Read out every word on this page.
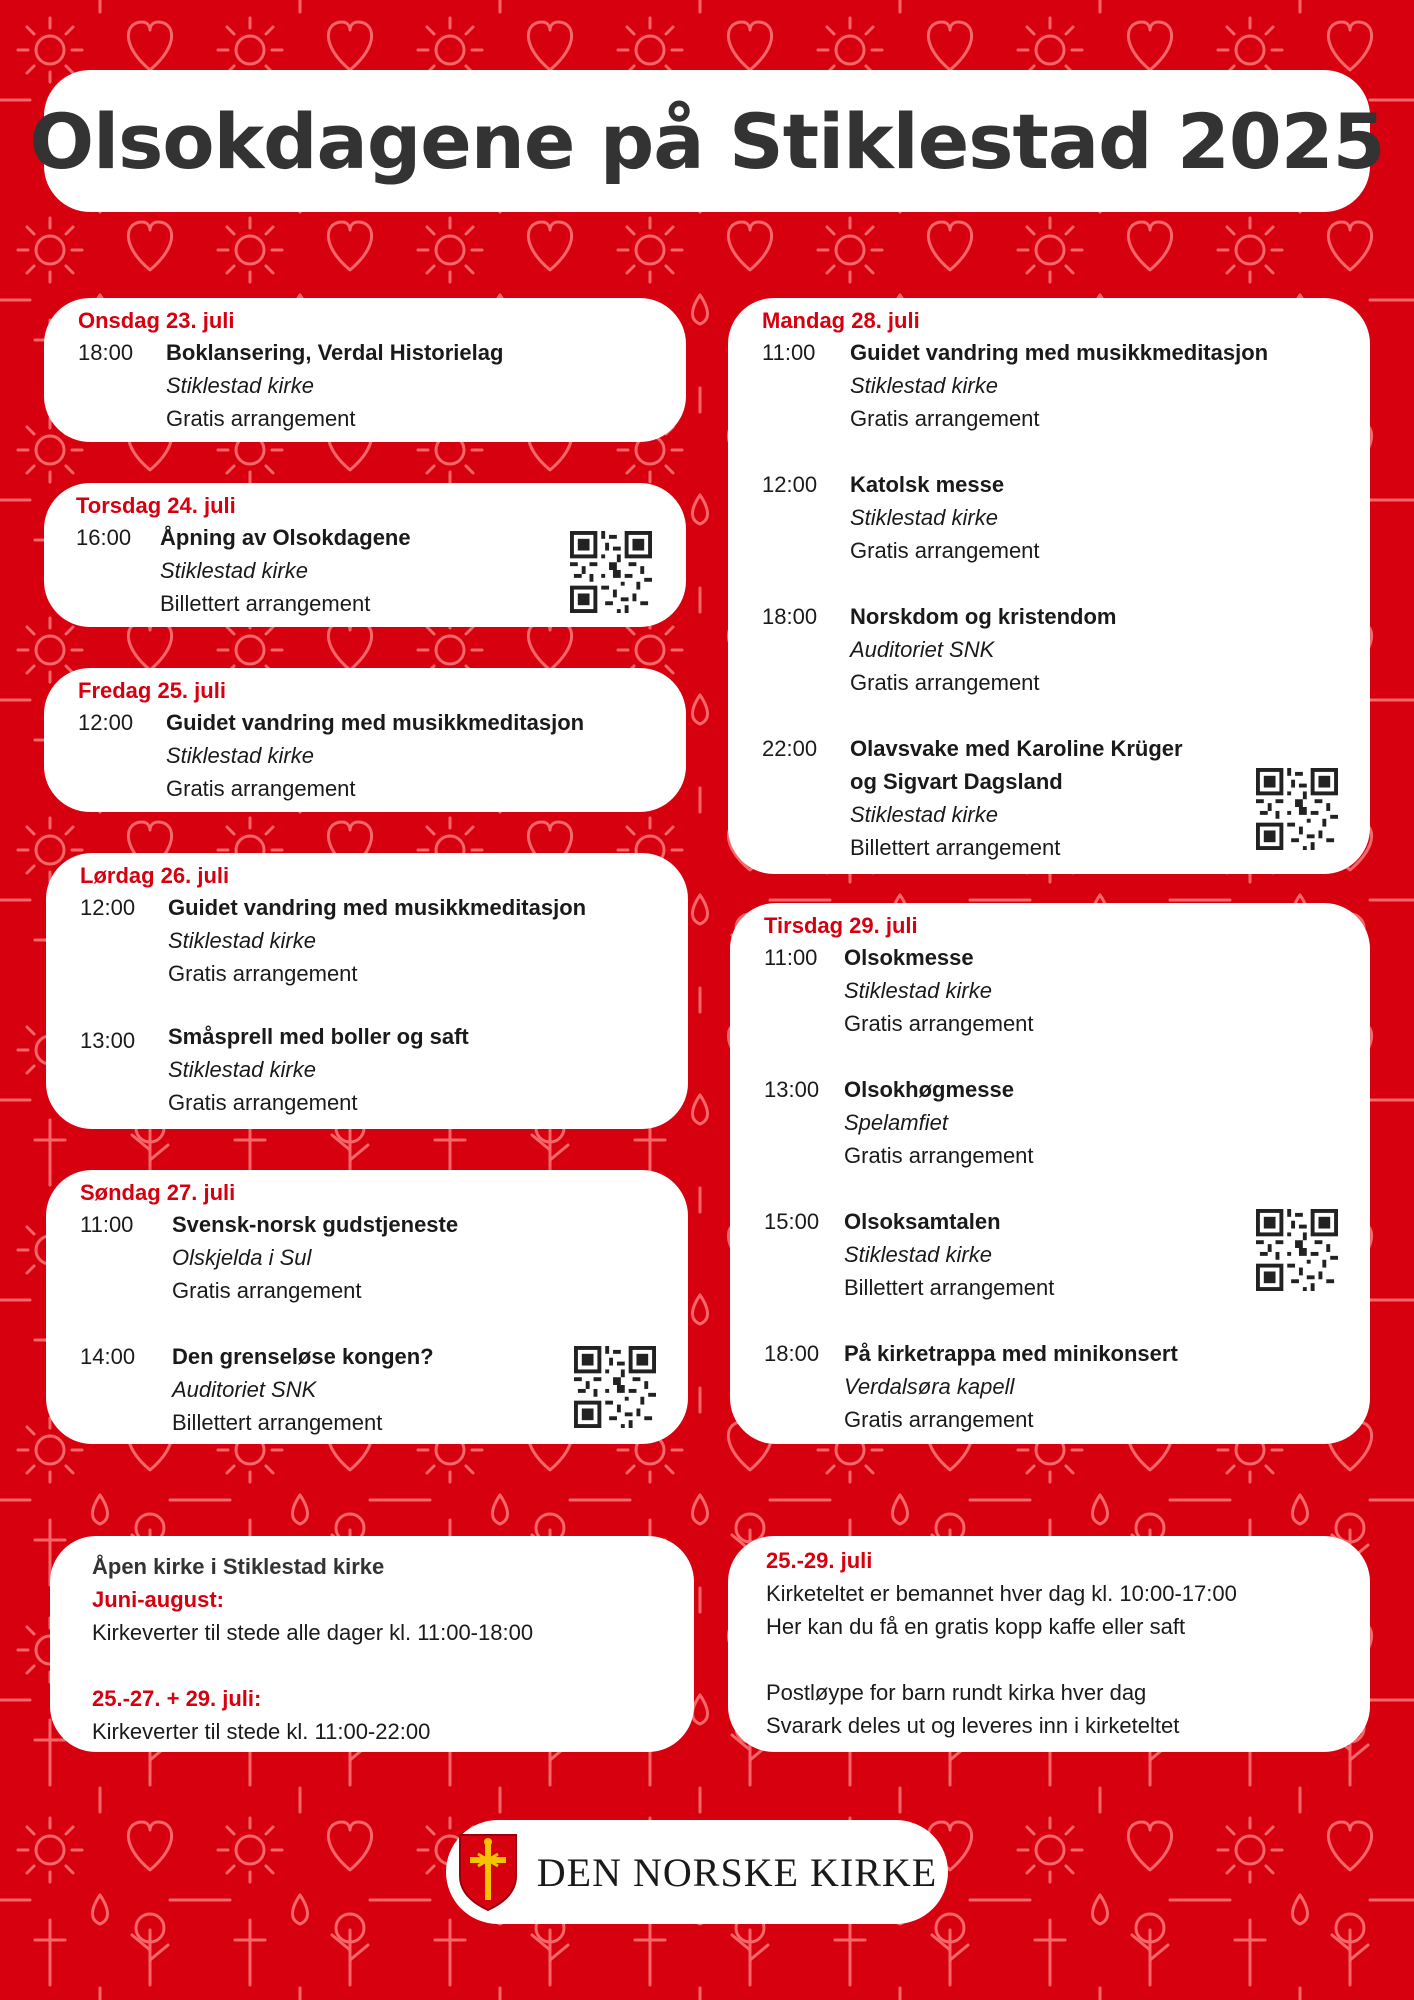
Olsokdagene på Stiklestad 2025
Onsdag 23. juli
18:00	Boklansering, Verdal Historielag
Stiklestad kirke
Gratis arrangement
Torsdag 24. juli
16:00	Åpning av Olsokdagene
Stiklestad kirke
Billettert arrangement
Fredag 25. juli
12:00	Guidet vandring med musikkmeditasjon
Stiklestad kirke
Gratis arrangement
Lørdag 26. juli
12:00	Guidet vandring med musikkmeditasjon
Stiklestad kirke
Gratis arrangement
13:00	Småsprell med boller og saft
Stiklestad kirke
Gratis arrangement
Søndag 27. juli
11:00	Svensk-norsk gudstjeneste
Olskjelda i Sul
Gratis arrangement
14:00	Den grenseløse kongen?
Auditoriet SNK
Billettert arrangement
Mandag 28. juli
11:00	Guidet vandring med musikkmeditasjon
Stiklestad kirke
Gratis arrangement
12:00	Katolsk messe
Stiklestad kirke
Gratis arrangement
18:00	Norskdom og kristendom
Auditoriet SNK
Gratis arrangement
22:00	Olavsvake med Karoline Krüger
og Sigvart Dagsland
Stiklestad kirke
Billettert arrangement
Tirsdag 29. juli
11:00	Olsokmesse
Stiklestad kirke
Gratis arrangement
13:00	Olsokhøgmesse
Spelamfiet
Gratis arrangement
15:00	Olsoksamtalen
Stiklestad kirke
Billettert arrangement
18:00	På kirketrappa med minikonsert
Verdalsøra kapell
Gratis arrangement
Åpen kirke i Stiklestad kirke
Juni-august:
Kirkeverter til stede alle dager kl. 11:00-18:00
25.-27. + 29. juli:
Kirkeverter til stede kl. 11:00-22:00
25.-29. juli
Kirketeltet er bemannet hver dag kl. 10:00-17:00
Her kan du få en gratis kopp kaffe eller saft
Postløype for barn rundt kirka hver dag
Svarark deles ut og leveres inn i kirketeltet
DEN NORSKE KIRKE
